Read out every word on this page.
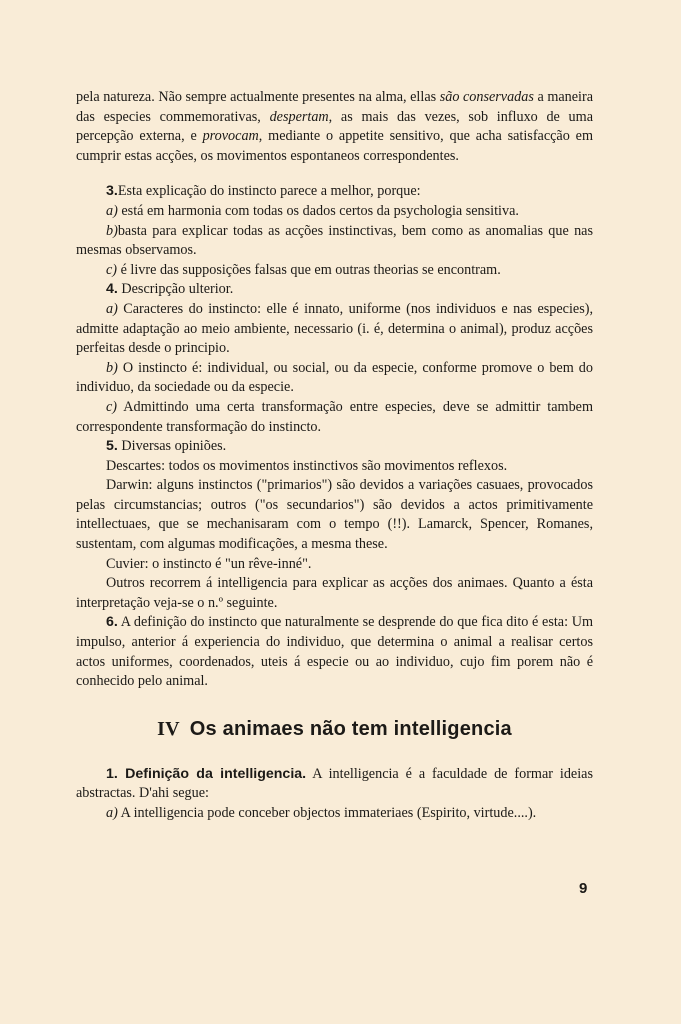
pela natureza. Não sempre actualmente presentes na alma, ellas são conservadas a maneira das especies commemorativas, despertam, as mais das vezes, sob influxo de uma percepção externa, e provocam, mediante o appetite sensitivo, que acha satisfacção em cumprir estas acções, os movimentos espontaneos correspondentes.

3.Esta explicação do instincto parece a melhor, porque:

a) está em harmonia com todas os dados certos da psychologia sensitiva.

b)basta para explicar todas as acções instinctivas, bem como as anomalias que nas mesmas observamos.

c) é livre das supposições falsas que em outras theorias se encontram.

4. Descripção ulterior.

a) Caracteres do instincto: elle é innato, uniforme (nos individuos e nas especies), admitte adaptação ao meio ambiente, necessario (i. é, determina o animal), produz acções perfeitas desde o principio.

b) O instincto é: individual, ou social, ou da especie, conforme promove o bem do individuo, da sociedade ou da especie.

c) Admittindo uma certa transformação entre especies, deve se admittir tambem correspondente transformação do instincto.

5. Diversas opiniões.

Descartes: todos os movimentos instinctivos são movimentos reflexos.

Darwin: alguns instinctos ("primarios") são devidos a variações casuaes, provocados pelas circumstancias; outros ("os secundarios") são devidos a actos primitivamente intellectuaes, que se mechanisaram com o tempo (!!). Lamarck, Spencer, Romanes, sustentam, com algumas modificações, a mesma these.

Cuvier: o instincto é "un rêve-inné".

Outros recorrem á intelligencia para explicar as acções dos animaes. Quanto a ésta interpretação veja-se o n.º seguinte.

6. A definição do instincto que naturalmente se desprende do que fica dito é esta: Um impulso, anterior á experiencia do individuo, que determina o animal a realisar certos actos uniformes, coordenados, uteis á especie ou ao individuo, cujo fim porem não é conhecido pelo animal.

IV Os animaes não tem intelligencia

1. Definição da intelligencia. A intelligencia é a faculdade de formar ideias abstractas. D'ahi segue:

a) A intelligencia pode conceber objectos immateriaes (Espirito, virtude....).

9
